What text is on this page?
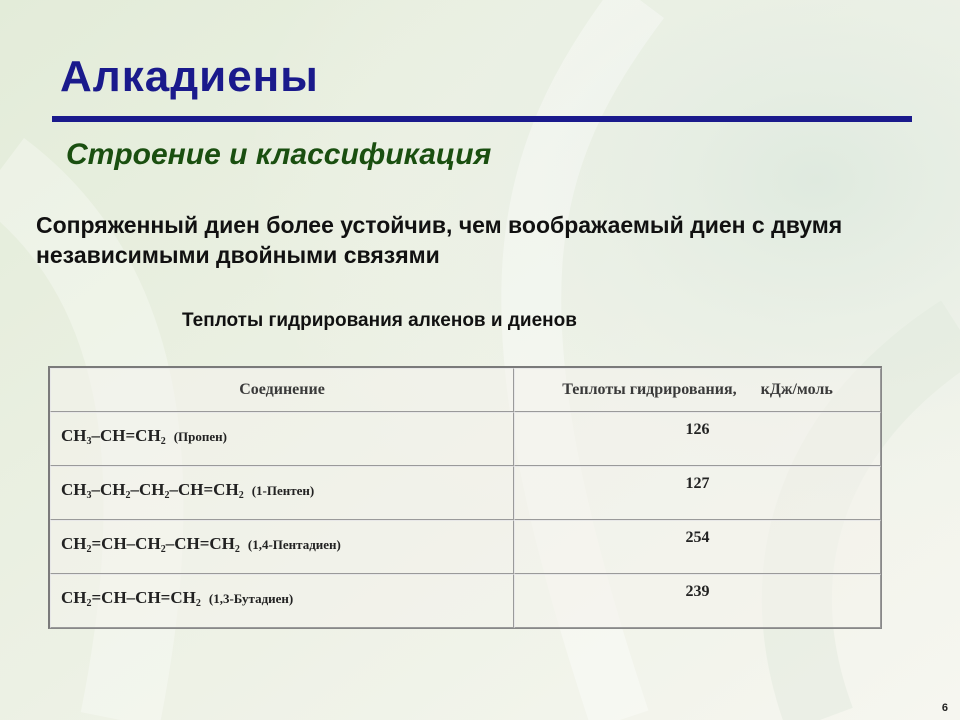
Алкадиены
Строение и классификация

Сопряженный диен более устойчив, чем воображаемый диен с двумя независимыми двойными связями

Теплоты гидрирования алкенов и диенов

Соединение	Теплоты гидрирования,      кДж/моль
$CH_3-CH=CH_2$ (Пропен)	126
$CH_3-CH_2-CH_2-CH=CH_2$ (1-Пентен)	127
$CH_2=CH-CH_2-CH=CH_2$ (1,4-Пентадиен)	254
$CH_2=CH-CH=CH_2$ (1,3-Бутадиен)	239

6
